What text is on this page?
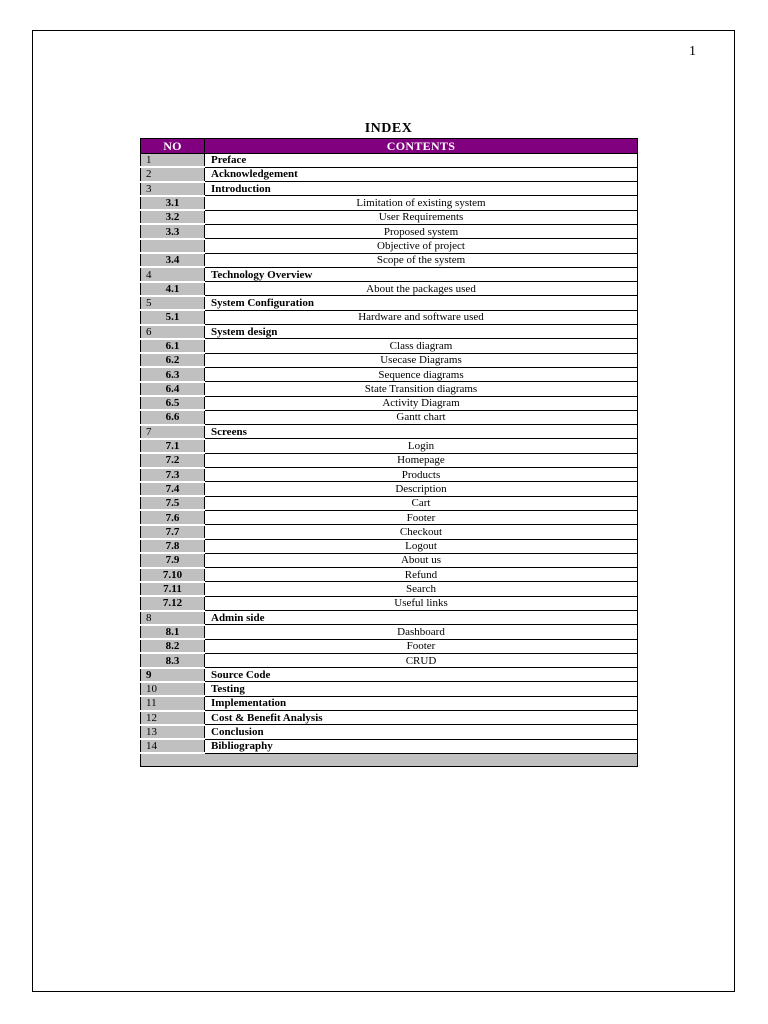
1
INDEX
NO	CONTENTS
1	Preface
2	Acknowledgement
3	Introduction
3.1	Limitation of existing system
3.2	User Requirements
3.3	Proposed system
	Objective of project
3.4	Scope of the system
4	Technology Overview
4.1	About the packages used
5	System Configuration
5.1	Hardware and software used
6	System design
6.1	Class diagram
6.2	Usecase Diagrams
6.3	Sequence diagrams
6.4	State Transition diagrams
6.5	Activity Diagram
6.6	Gantt chart
7	Screens
7.1	Login
7.2	Homepage
7.3	Products
7.4	Description
7.5	Cart
7.6	Footer
7.7	Checkout
7.8	Logout
7.9	About us
7.10	Refund
7.11	Search
7.12	Useful links
8	Admin side
8.1	Dashboard
8.2	Footer
8.3	CRUD
9	Source Code
10	Testing
11	Implementation
12	Cost & Benefit Analysis
13	Conclusion
14	Bibliography
